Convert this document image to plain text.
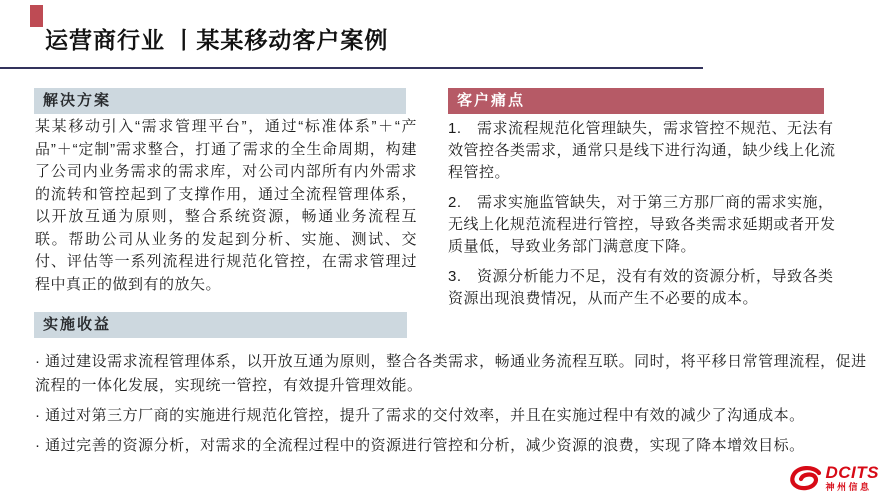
运营商行业 丨某某移动客户案例
解决方案
某某移动引入“需求管理平台”，通过“标准体系”＋“产品”＋“定制”需求整合，打通了需求的全生命周期，构建了公司内业务需求的需求库，对公司内部所有内外需求的流转和管控起到了支撑作用，通过全流程管理体系，以开放互通为原则，整合系统资源，畅通业务流程互联。帮助公司从业务的发起到分析、实施、测试、交付、评估等一系列流程进行规范化管控，在需求管理过程中真正的做到有的放矢。
客户痛点

1.　需求流程规范化管理缺失，需求管控不规范、无法有效管控各类需求，通常只是线下进行沟通，缺少线上化流程管控。

2.　需求实施监管缺失，对于第三方那厂商的需求实施，无线上化规范流程进行管控，导致各类需求延期或者开发质量低，导致业务部门满意度下降。

3.　资源分析能力不足，没有有效的资源分析，导致各类资源出现浪费情况，从而产生不必要的成本。

实施收益

· 通过建设需求流程管理体系，以开放互通为原则，整合各类需求，畅通业务流程互联。同时，将平移日常管理流程，促进流程的一体化发展，实现统一管控，有效提升管理效能。

· 通过对第三方厂商的实施进行规范化管控，提升了需求的交付效率，并且在实施过程中有效的减少了沟通成本。

· 通过完善的资源分析，对需求的全流程过程中的资源进行管控和分析，减少资源的浪费，实现了降本增效目标。

DCITS
神州信息
